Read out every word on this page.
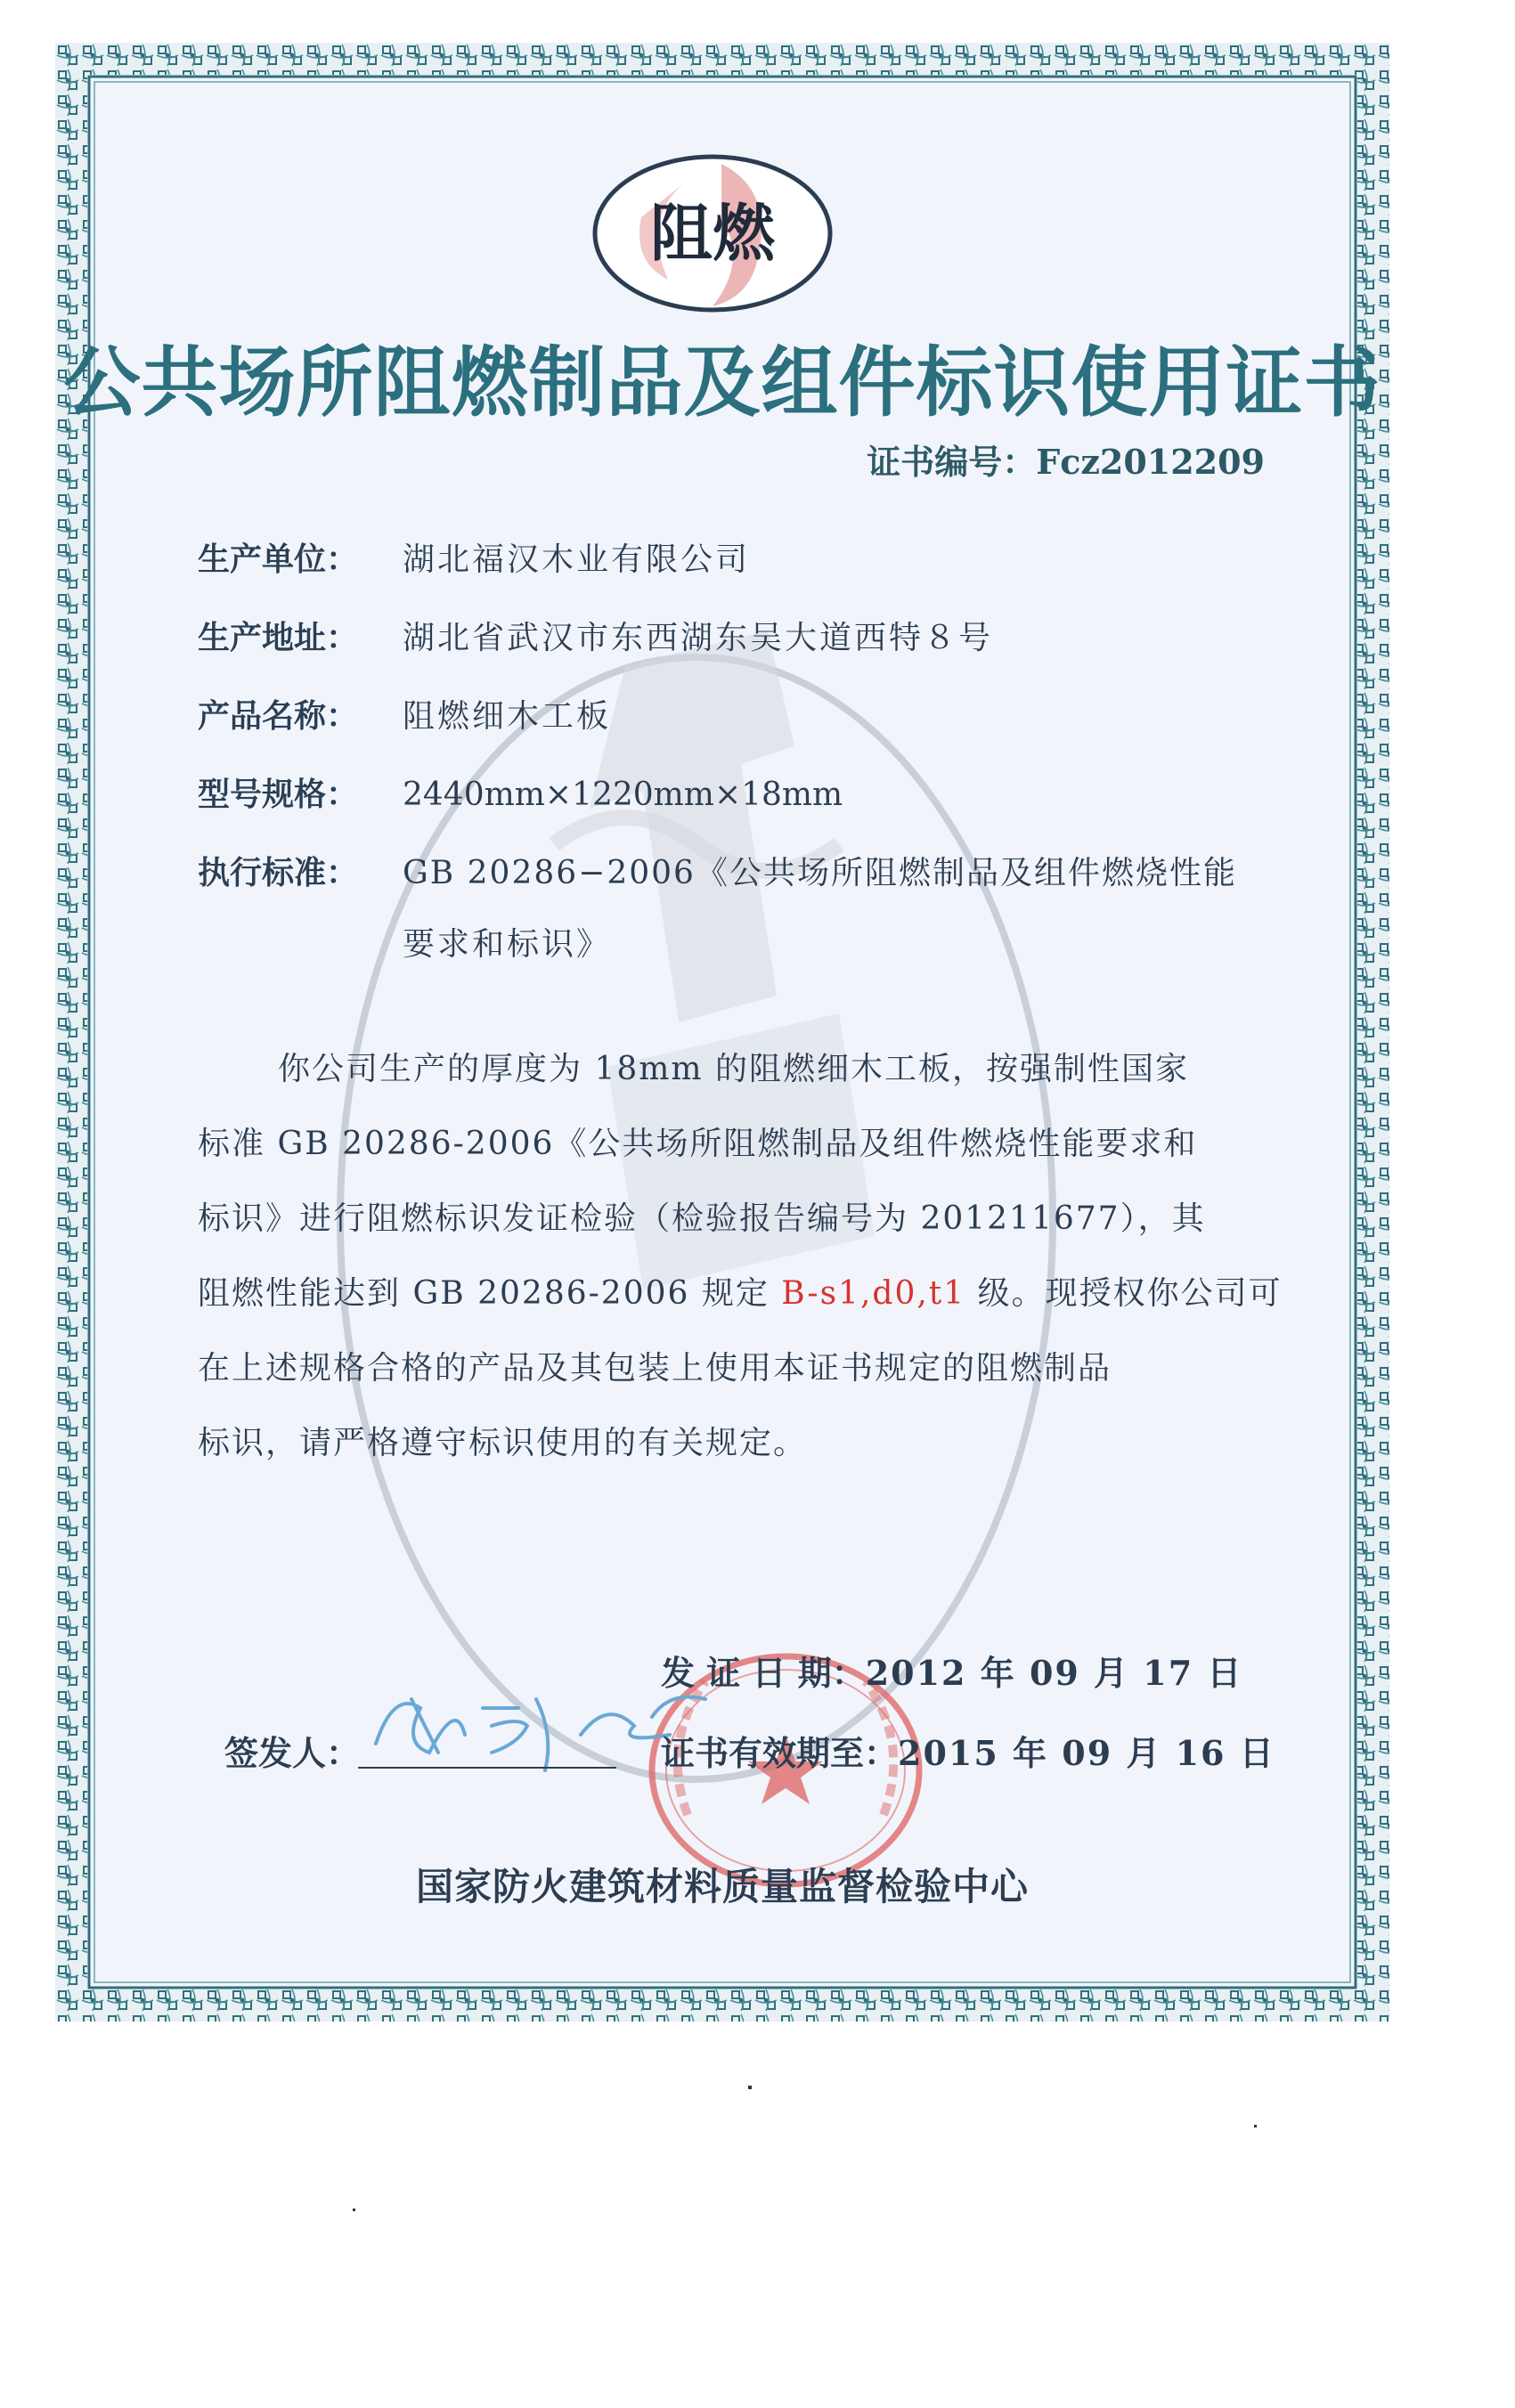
阻燃
公共场所阻燃制品及组件标识使用证书
证书编号：Fcz2012209
生产单位： 湖北福汉木业有限公司
生产地址： 湖北省武汉市东西湖东吴大道西特８号
产品名称： 阻燃细木工板
型号规格： 2440mm×1220mm×18mm
执行标准： GB 20286−2006《公共场所阻燃制品及组件燃烧性能
要求和标识》
你公司生产的厚度为 18mm 的阻燃细木工板，按强制性国家
标准 GB 20286-2006《公共场所阻燃制品及组件燃烧性能要求和
标识》进行阻燃标识发证检验（检验报告编号为 201211677），其
阻燃性能达到 GB 20286-2006 规定 B-s1,d0,t1 级。现授权你公司可
在上述规格合格的产品及其包装上使用本证书规定的阻燃制品
标识，请严格遵守标识使用的有关规定。
发 证 日 期：2012 年 09 月 17 日
签发人：	证书有效期至：2015 年 09 月 16 日
国家防火建筑材料质量监督检验中心
